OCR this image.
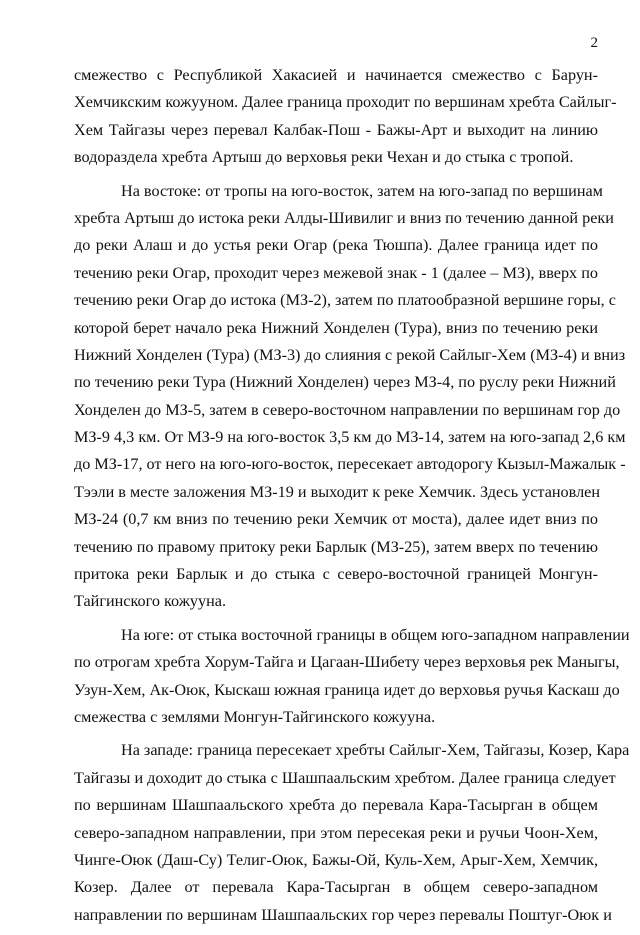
2
смежество с Республикой Хакасией и начинается смежество с Барун-
Хемчикским кожууном. Далее граница проходит по вершинам хребта Сайлыг-
Хем Тайгазы через перевал Калбак-Пош - Бажы-Арт и выходит на линию
водораздела хребта Артыш до верховья реки Чехан и до стыка с тропой.
На востоке: от тропы на юго-восток, затем на юго-запад по вершинам
хребта Артыш до истока реки Алды-Шивилиг и вниз по течению данной реки
до реки Алаш и до устья реки Огар (река Тюшпа). Далее граница идет по
течению реки Огар, проходит через межевой знак - 1 (далее – МЗ), вверх по
течению реки Огар до истока (МЗ-2), затем по платообразной вершине горы, с
которой берет начало река Нижний Хонделен (Тура), вниз по течению реки
Нижний Хонделен (Тура) (МЗ-3) до слияния с рекой Сайлыг-Хем (МЗ-4) и вниз
по течению реки Тура (Нижний Хонделен) через МЗ-4, по руслу реки Нижний
Хонделен до МЗ-5, затем в северо-восточном направлении по вершинам гор до
МЗ-9 4,3 км. От МЗ-9 на юго-восток 3,5 км до МЗ-14, затем на юго-запад 2,6 км
до МЗ-17, от него на юго-юго-восток, пересекает автодорогу Кызыл-Мажалык -
Тээли в месте заложения МЗ-19 и выходит к реке Хемчик. Здесь установлен
МЗ-24 (0,7 км вниз по течению реки Хемчик от моста), далее идет вниз по
течению по правому притоку реки Барлык (МЗ-25), затем вверх по течению
притока реки Барлык и до стыка с северо-восточной границей Монгун-
Тайгинского кожууна.
На юге: от стыка восточной границы в общем юго-западном направлении
по отрогам хребта Хорум-Тайга и Цагаан-Шибету через верховья рек Маныгы,
Узун-Хем, Ак-Оюк, Кыскаш южная граница идет до верховья ручья Каскаш до
смежества с землями Монгун-Тайгинского кожууна.
На западе: граница пересекает хребты Сайлыг-Хем, Тайгазы, Козер, Кара
Тайгазы и доходит до стыка с Шашпаальским хребтом. Далее граница следует
по вершинам Шашпаальского хребта до перевала Кара-Тасырган в общем
северо-западном направлении, при этом пересекая реки и ручьи Чоон-Хем,
Чинге-Оюк (Даш-Су) Телиг-Оюк, Бажы-Ой, Куль-Хем, Арыг-Хем, Хемчик,
Козер. Далее от перевала Кара-Тасырган в общем северо-западном
направлении по вершинам Шашпаальских гор через перевалы Поштуг-Оюк и
